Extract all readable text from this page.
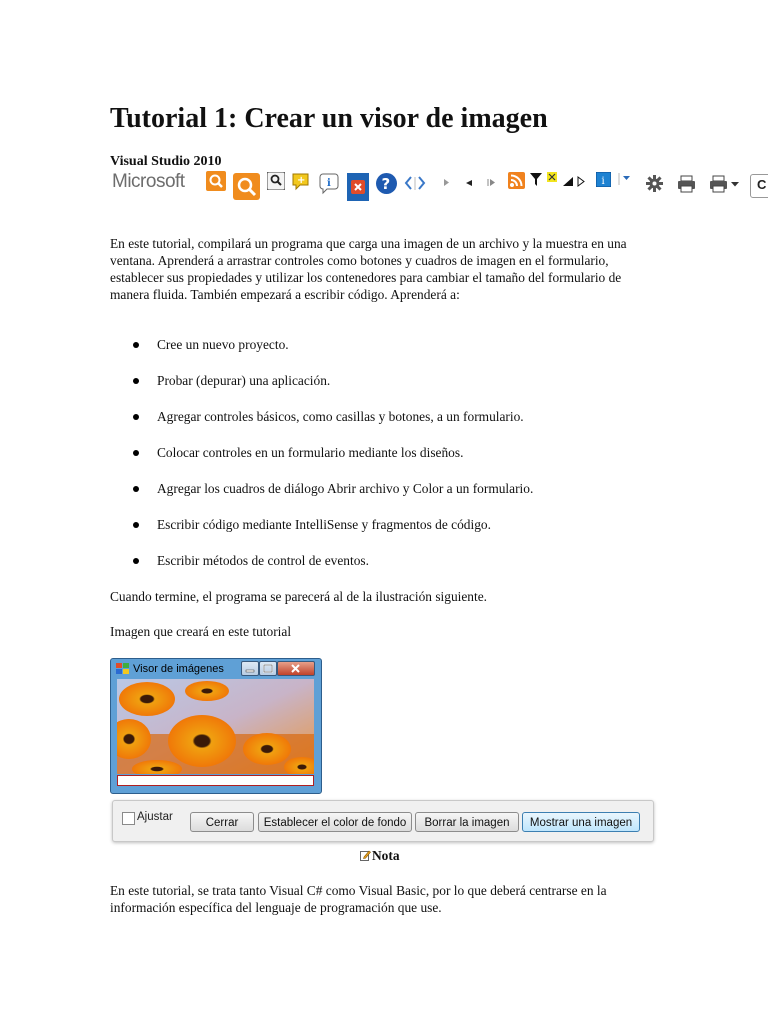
Tutorial 1: Crear un visor de imagen
Visual Studio 2010
Microsoft	+ i	?	i	C

En este tutorial, compilará un programa que carga una imagen de un archivo y la muestra en una ventana. Aprenderá a arrastrar controles como botones y cuadros de imagen en el formulario, establecer sus propiedades y utilizar los contenedores para cambiar el tamaño del formulario de manera fluida. También empezará a escribir código. Aprenderá a:

Cree un nuevo proyecto.
Probar (depurar) una aplicación.
Agregar controles básicos, como casillas y botones, a un formulario.
Colocar controles en un formulario mediante los diseños.
Agregar los cuadros de diálogo Abrir archivo y Color a un formulario.
Escribir código mediante IntelliSense y fragmentos de código.
Escribir métodos de control de eventos.

Cuando termine, el programa se parecerá al de la ilustración siguiente.

Imagen que creará en este tutorial

Visor de imágenes
Ajustar	Cerrar	Establecer el color de fondo	Borrar la imagen	Mostrar una imagen
Nota

En este tutorial, se trata tanto Visual C# como Visual Basic, por lo que deberá centrarse en la información específica del lenguaje de programación que use.
